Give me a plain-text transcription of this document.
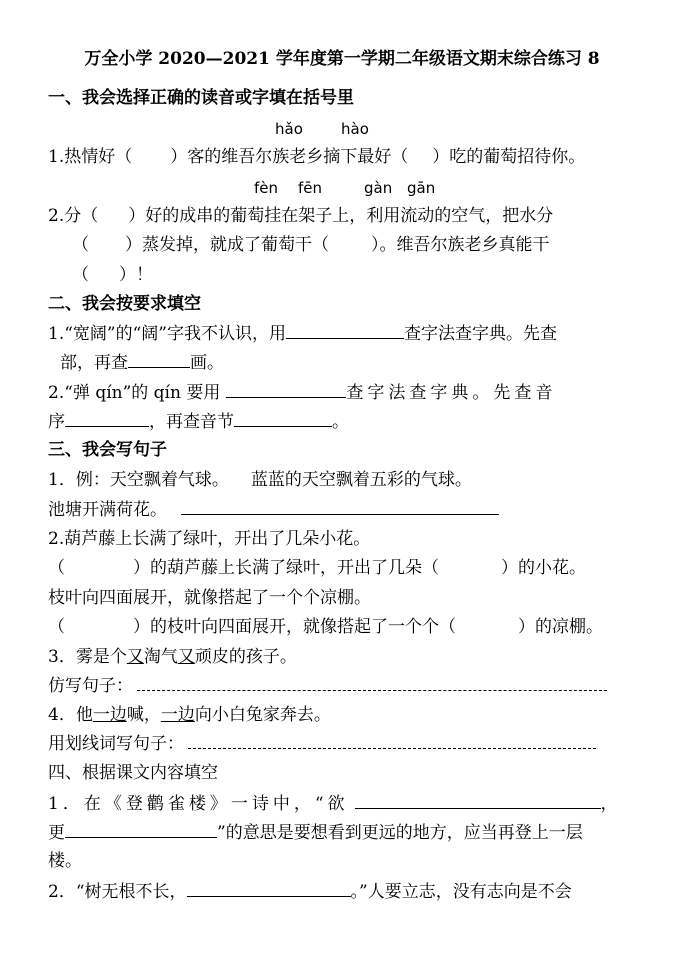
万全小学 2020—2021 学年度第一学期二年级语文期末综合练习 8
一、我会选择正确的读音或字填在括号里
hǎo	hào
1.热情好（ ）客的维吾尔族老乡摘下最好（ ）吃的葡萄招待你。
fèn fēn	gàn gān
2.分（ ）好的成串的葡萄挂在架子上，利用流动的空气，把水分
（ ）蒸发掉，就成了葡萄干（ ）。维吾尔族老乡真能干
（ ）！
二、我会按要求填空
1.“宽阔”的“阔”字我不认识，用	查字法查字典。先查
部，再查	画。
2.“弹 qín”的 qín 要用	查字法查字典。先查音
序	，再查音节	。
三、我会写句子
1．例：天空飘着气球。 蓝蓝的天空飘着五彩的气球。
池塘开满荷花。
2.葫芦藤上长满了绿叶，开出了几朵小花。
（	）的葫芦藤上长满了绿叶，开出了几朵（	）的小花。
枝叶向四面展开，就像搭起了一个个凉棚。
（	）的枝叶向四面展开，就像搭起了一个个（	）的凉棚。
3．雾是个又淘气又顽皮的孩子。
仿写句子：
4．他一边喊，一边向小白兔家奔去。
用划线词写句子：
四、根据课文内容填空
1．在《登鹳雀楼》一诗中，“欲	，
更	”的意思是要想看到更远的地方，应当再登上一层
楼。
2．“树无根不长，	。”人要立志，没有志向是不会
